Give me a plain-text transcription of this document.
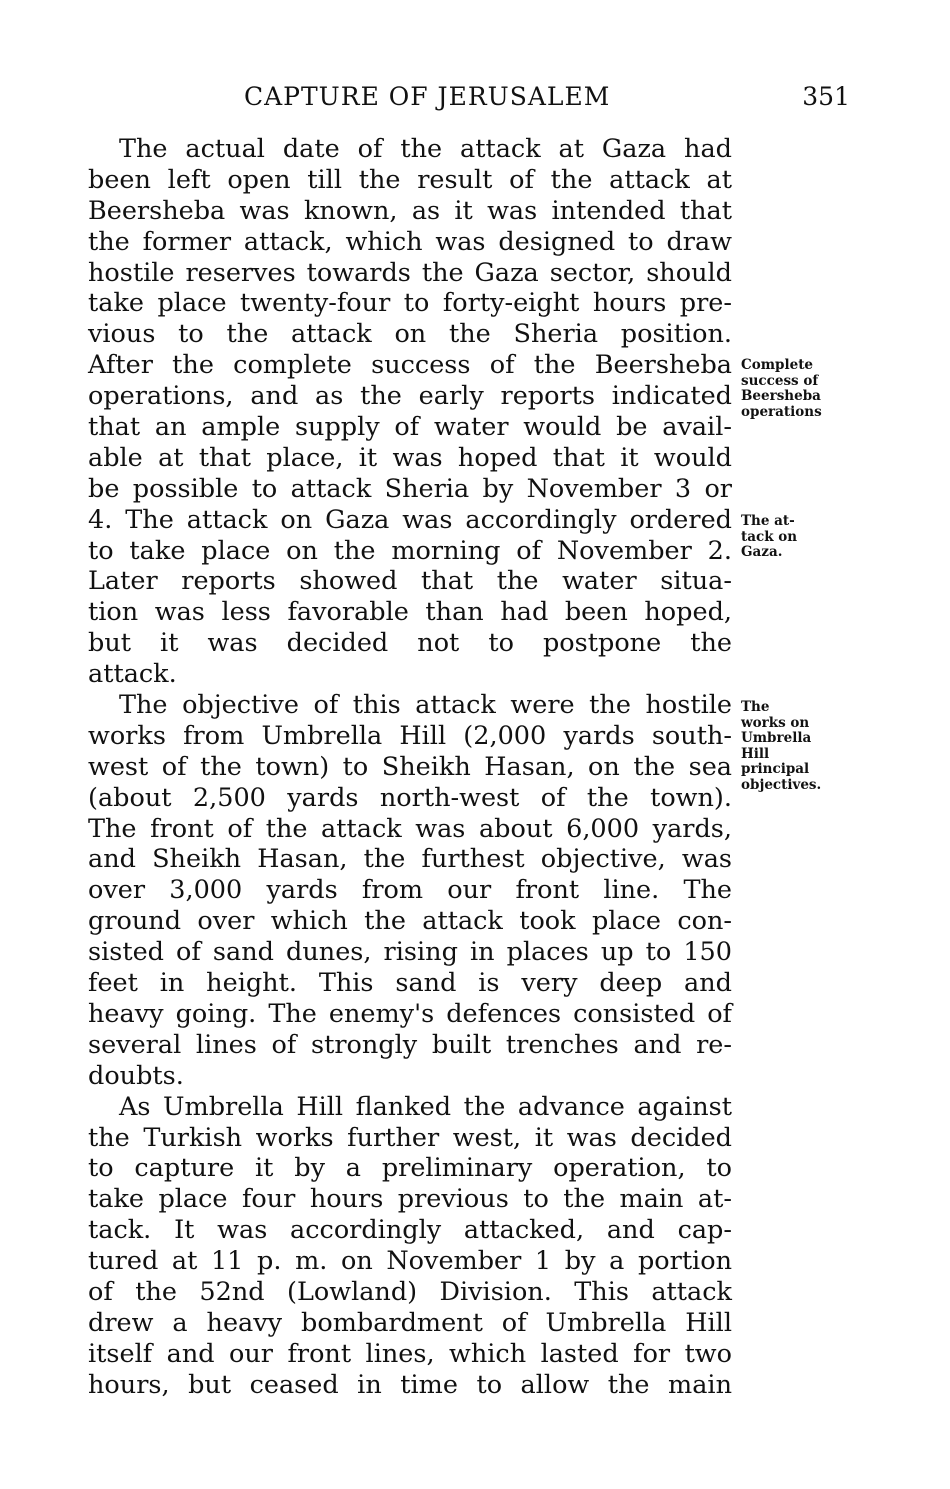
CAPTURE OF JERUSALEM	351
The actual date of the attack at Gaza had
been left open till the result of the attack at
Beersheba was known, as it was intended that
the former attack, which was designed to draw
hostile reserves towards the Gaza sector, should
take place twenty-four to forty-eight hours pre-
vious to the attack on the Sheria position.
After the complete success of the Beersheba
operations, and as the early reports indicated
that an ample supply of water would be avail-
able at that place, it was hoped that it would
be possible to attack Sheria by November 3 or
4. The attack on Gaza was accordingly ordered
to take place on the morning of November 2.
Later reports showed that the water situa-
tion was less favorable than had been hoped,
but it was decided not to postpone the
attack.
The objective of this attack were the hostile
works from Umbrella Hill (2,000 yards south-
west of the town) to Sheikh Hasan, on the sea
(about 2,500 yards north-west of the town).
The front of the attack was about 6,000 yards,
and Sheikh Hasan, the furthest objective, was
over 3,000 yards from our front line. The
ground over which the attack took place con-
sisted of sand dunes, rising in places up to 150
feet in height. This sand is very deep and
heavy going. The enemy's defences consisted of
several lines of strongly built trenches and re-
doubts.
As Umbrella Hill flanked the advance against
the Turkish works further west, it was decided
to capture it by a preliminary operation, to
take place four hours previous to the main at-
tack. It was accordingly attacked, and cap-
tured at 11 p. m. on November 1 by a portion
of the 52nd (Lowland) Division. This attack
drew a heavy bombardment of Umbrella Hill
itself and our front lines, which lasted for two
hours, but ceased in time to allow the main
Complete
success of
Beersheba
operations
The at-
tack on
Gaza.
The
works on
Umbrella
Hill
principal
objectives.
